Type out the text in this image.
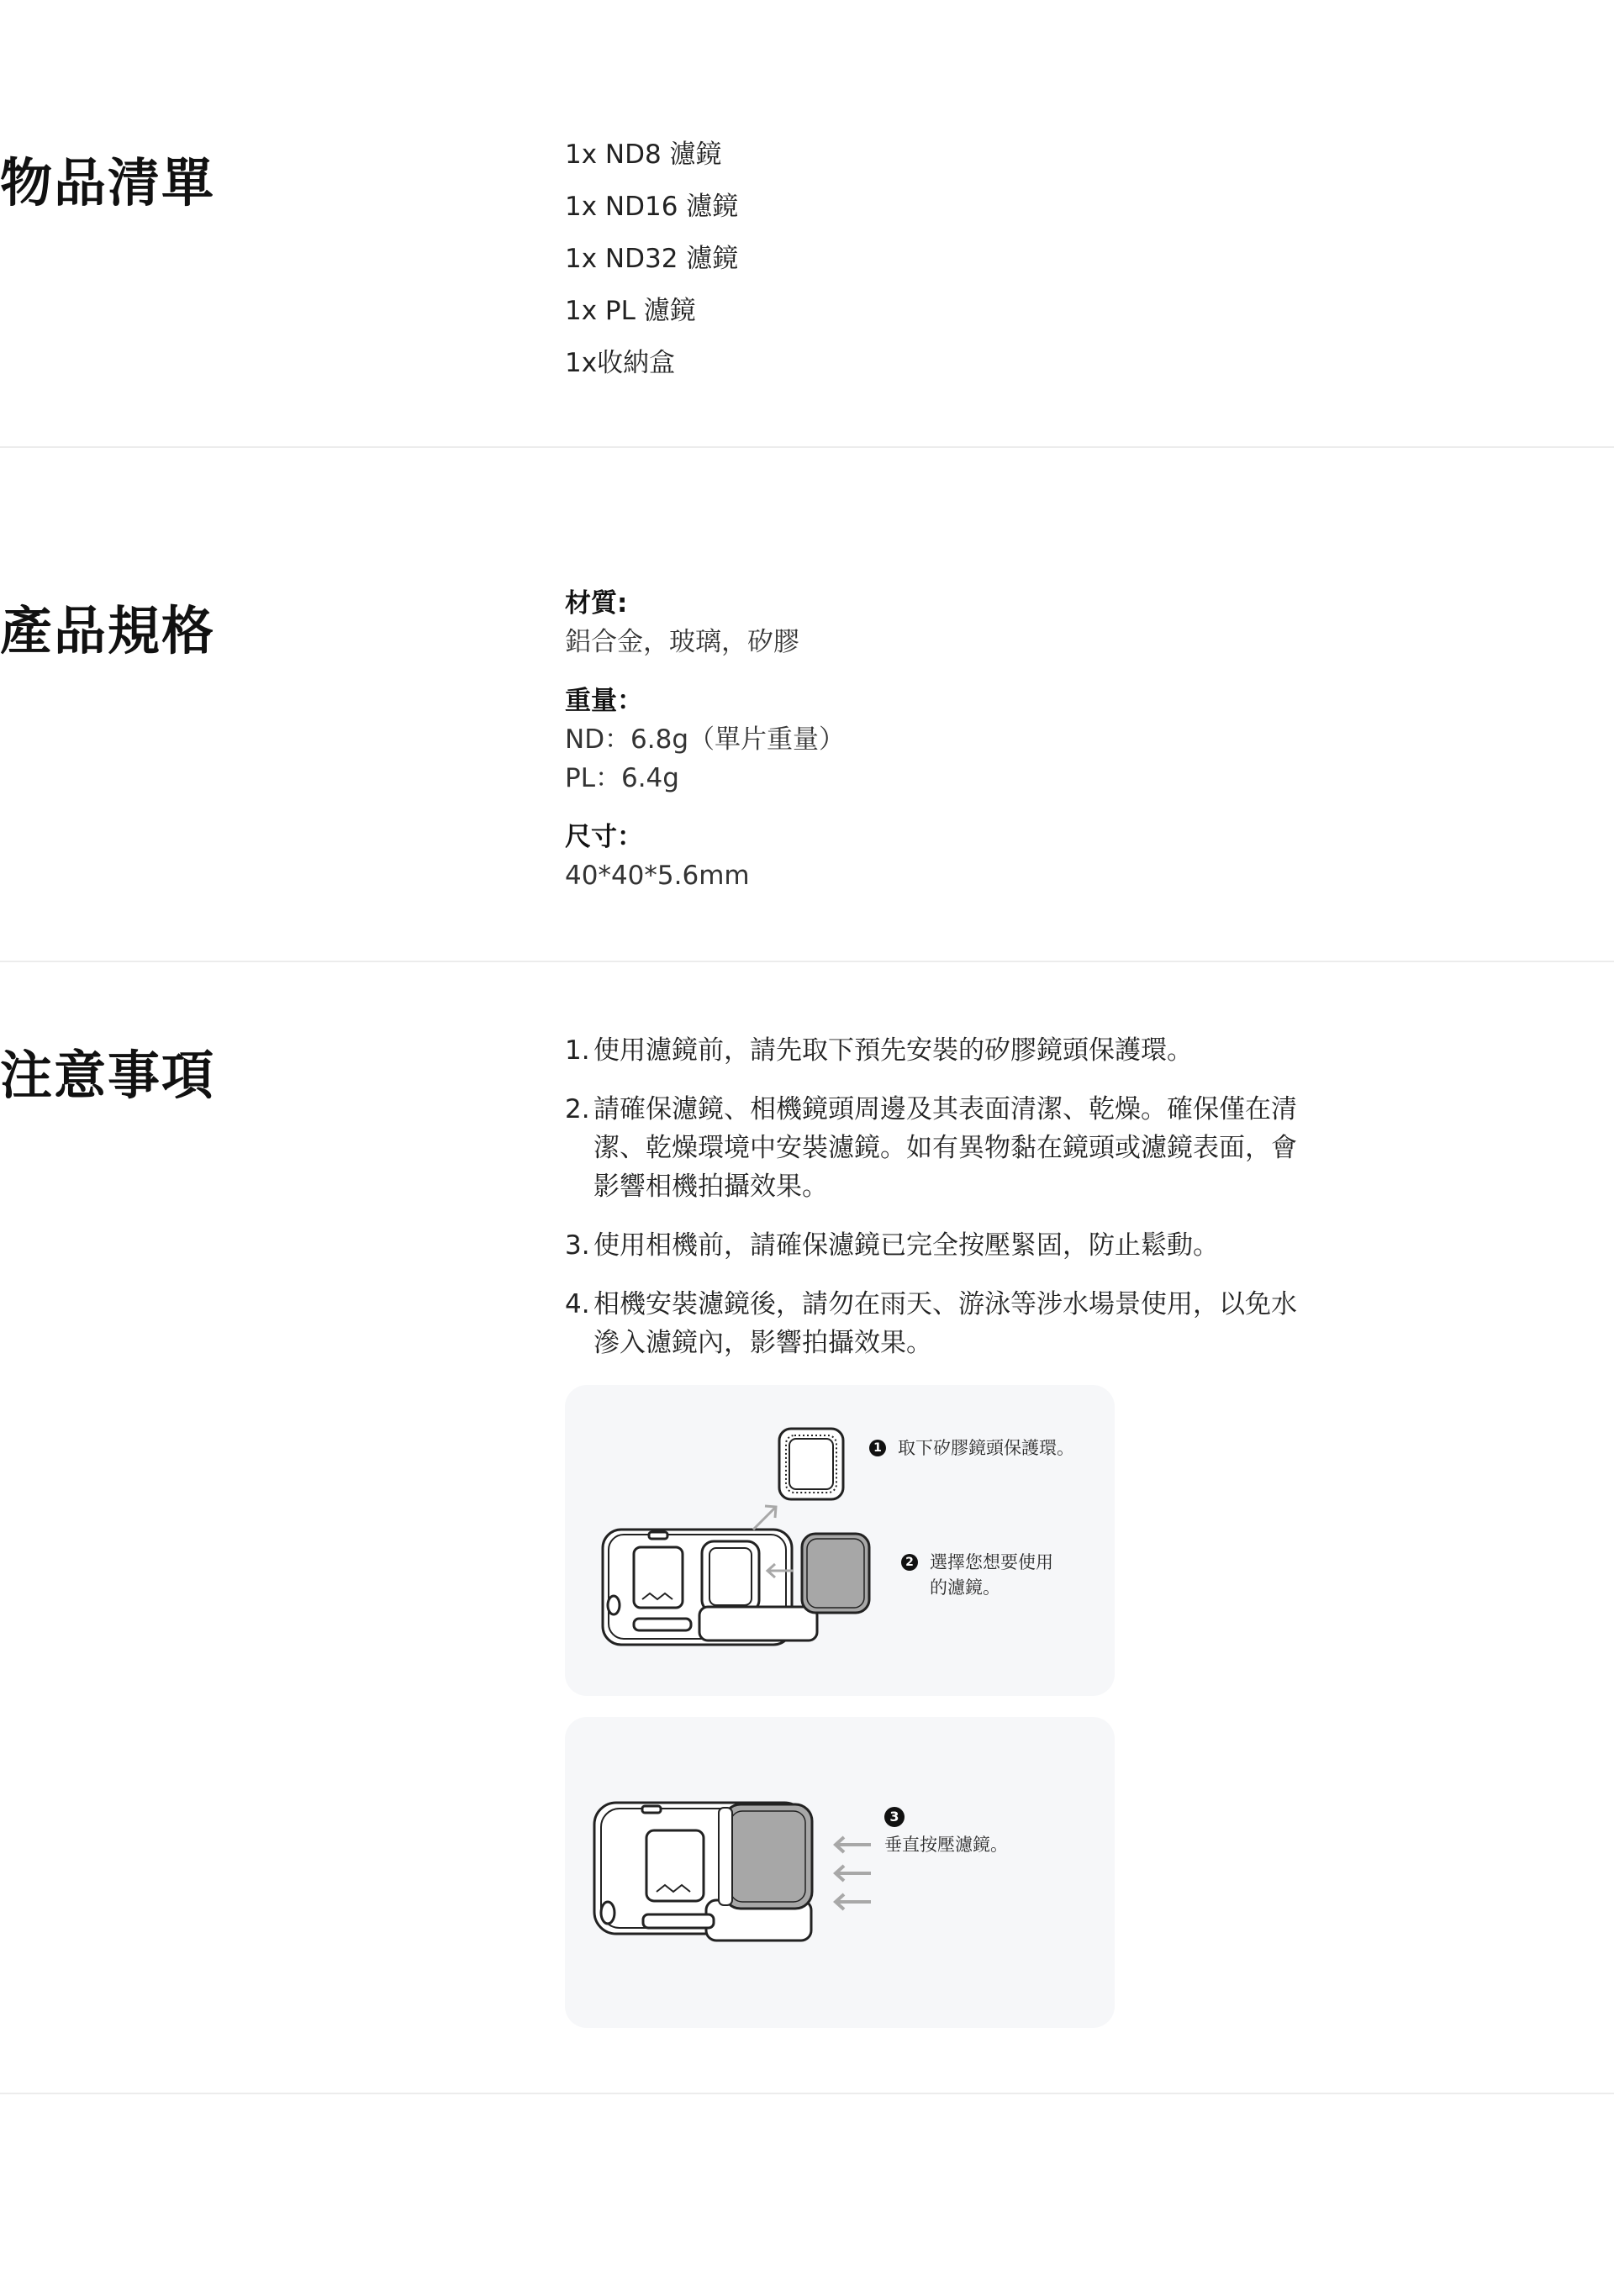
物品清單	1x ND8 濾鏡
1x ND16 濾鏡
1x ND32 濾鏡
1x PL 濾鏡
1x收納盒
產品規格	材質:
鋁合金，玻璃，矽膠
重量：
ND：6.8g（單片重量）
PL：6.4g
尺寸：
40*40*5.6mm
注意事項	1. 使用濾鏡前，請先取下預先安裝的矽膠鏡頭保護環。
2. 請確保濾鏡、相機鏡頭周邊及其表面清潔、乾燥。確保僅在清潔、乾燥環境中安裝濾鏡。如有異物黏在鏡頭或濾鏡表面，會影響相機拍攝效果。
3. 使用相機前，請確保濾鏡已完全按壓緊固，防止鬆動。
4. 相機安裝濾鏡後，請勿在雨天、游泳等涉水場景使用，以免水滲入濾鏡內，影響拍攝效果。
1 取下矽膠鏡頭保護環。
2 選擇您想要使用
的濾鏡。
3
垂直按壓濾鏡。
